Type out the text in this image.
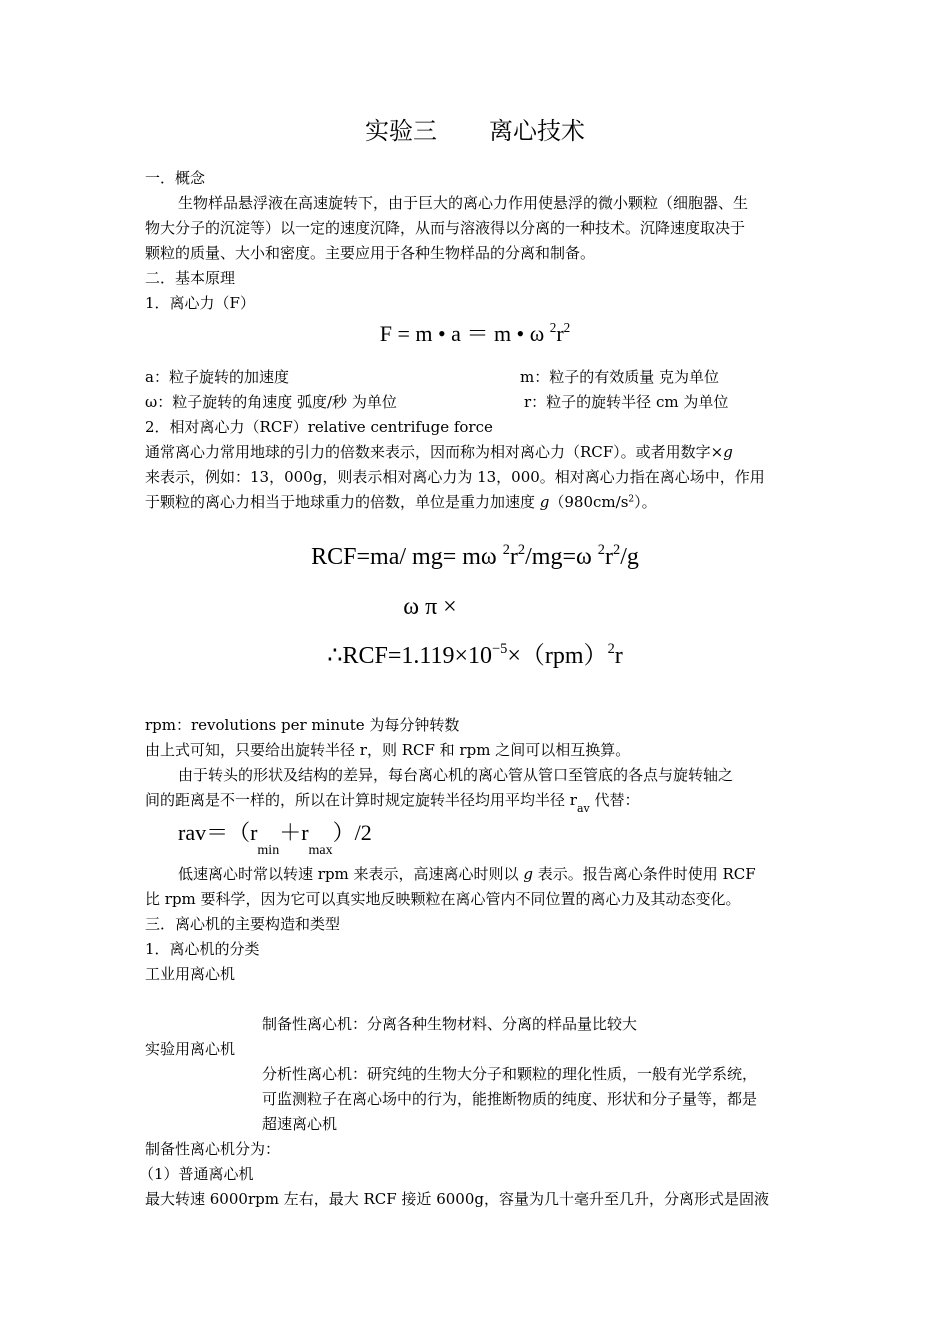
实验三 离心技术
一．概念
生物样品悬浮液在高速旋转下，由于巨大的离心力作用使悬浮的微小颗粒（细胞器、生
物大分子的沉淀等）以一定的速度沉降，从而与溶液得以分离的一种技术。沉降速度取决于
颗粒的质量、大小和密度。主要应用于各种生物样品的分离和制备。
二．基本原理
1．离心力（F）
F = m • a ＝ m • ω $^2r^2$
a：粒子旋转的加速度	m：粒子的有效质量 克为单位
ω：粒子旋转的角速度 弧度/秒 为单位	r：粒子的旋转半径 cm 为单位
2．相对离心力（RCF）relative centrifuge force
通常离心力常用地球的引力的倍数来表示，因而称为相对离心力（RCF）。或者用数字×g
来表示，例如：13，000g，则表示相对离心力为 13，000。相对离心力指在离心场中，作用
于颗粒的离心力相当于地球重力的倍数，单位是重力加速度 $g(980cm/s^2)$。
RCF=ma/ mg= mω $^2r^2/mg=\omega$ $^2r^2/g$
ω π ×
$\therefore RCF=1.119\times 10^{-5}\times(rpm)^2r$
rpm：revolutions per minute 为每分钟转数
由上式可知，只要给出旋转半径 r，则 RCF 和 rpm 之间可以相互换算。
由于转头的形状及结构的差异，每台离心机的离心管从管口至管底的各点与旋转轴之
间的距离是不一样的，所以在计算时规定旋转半径均用平均半径 $r_{av}$ 代替：
$rav=(r_{min}+r_{max})/2$
低速离心时常以转速 rpm 来表示，高速离心时则以 g 表示。报告离心条件时使用 RCF
比 rpm 要科学，因为它可以真实地反映颗粒在离心管内不同位置的离心力及其动态变化。
三．离心机的主要构造和类型
1．离心机的分类
工业用离心机
制备性离心机：分离各种生物材料、分离的样品量比较大
实验用离心机
分析性离心机：研究纯的生物大分子和颗粒的理化性质，一般有光学系统，
可监测粒子在离心场中的行为，能推断物质的纯度、形状和分子量等，都是
超速离心机
制备性离心机分为：
（1）普通离心机
最大转速 6000rpm 左右，最大 RCF 接近 6000g，容量为几十毫升至几升，分离形式是固液
